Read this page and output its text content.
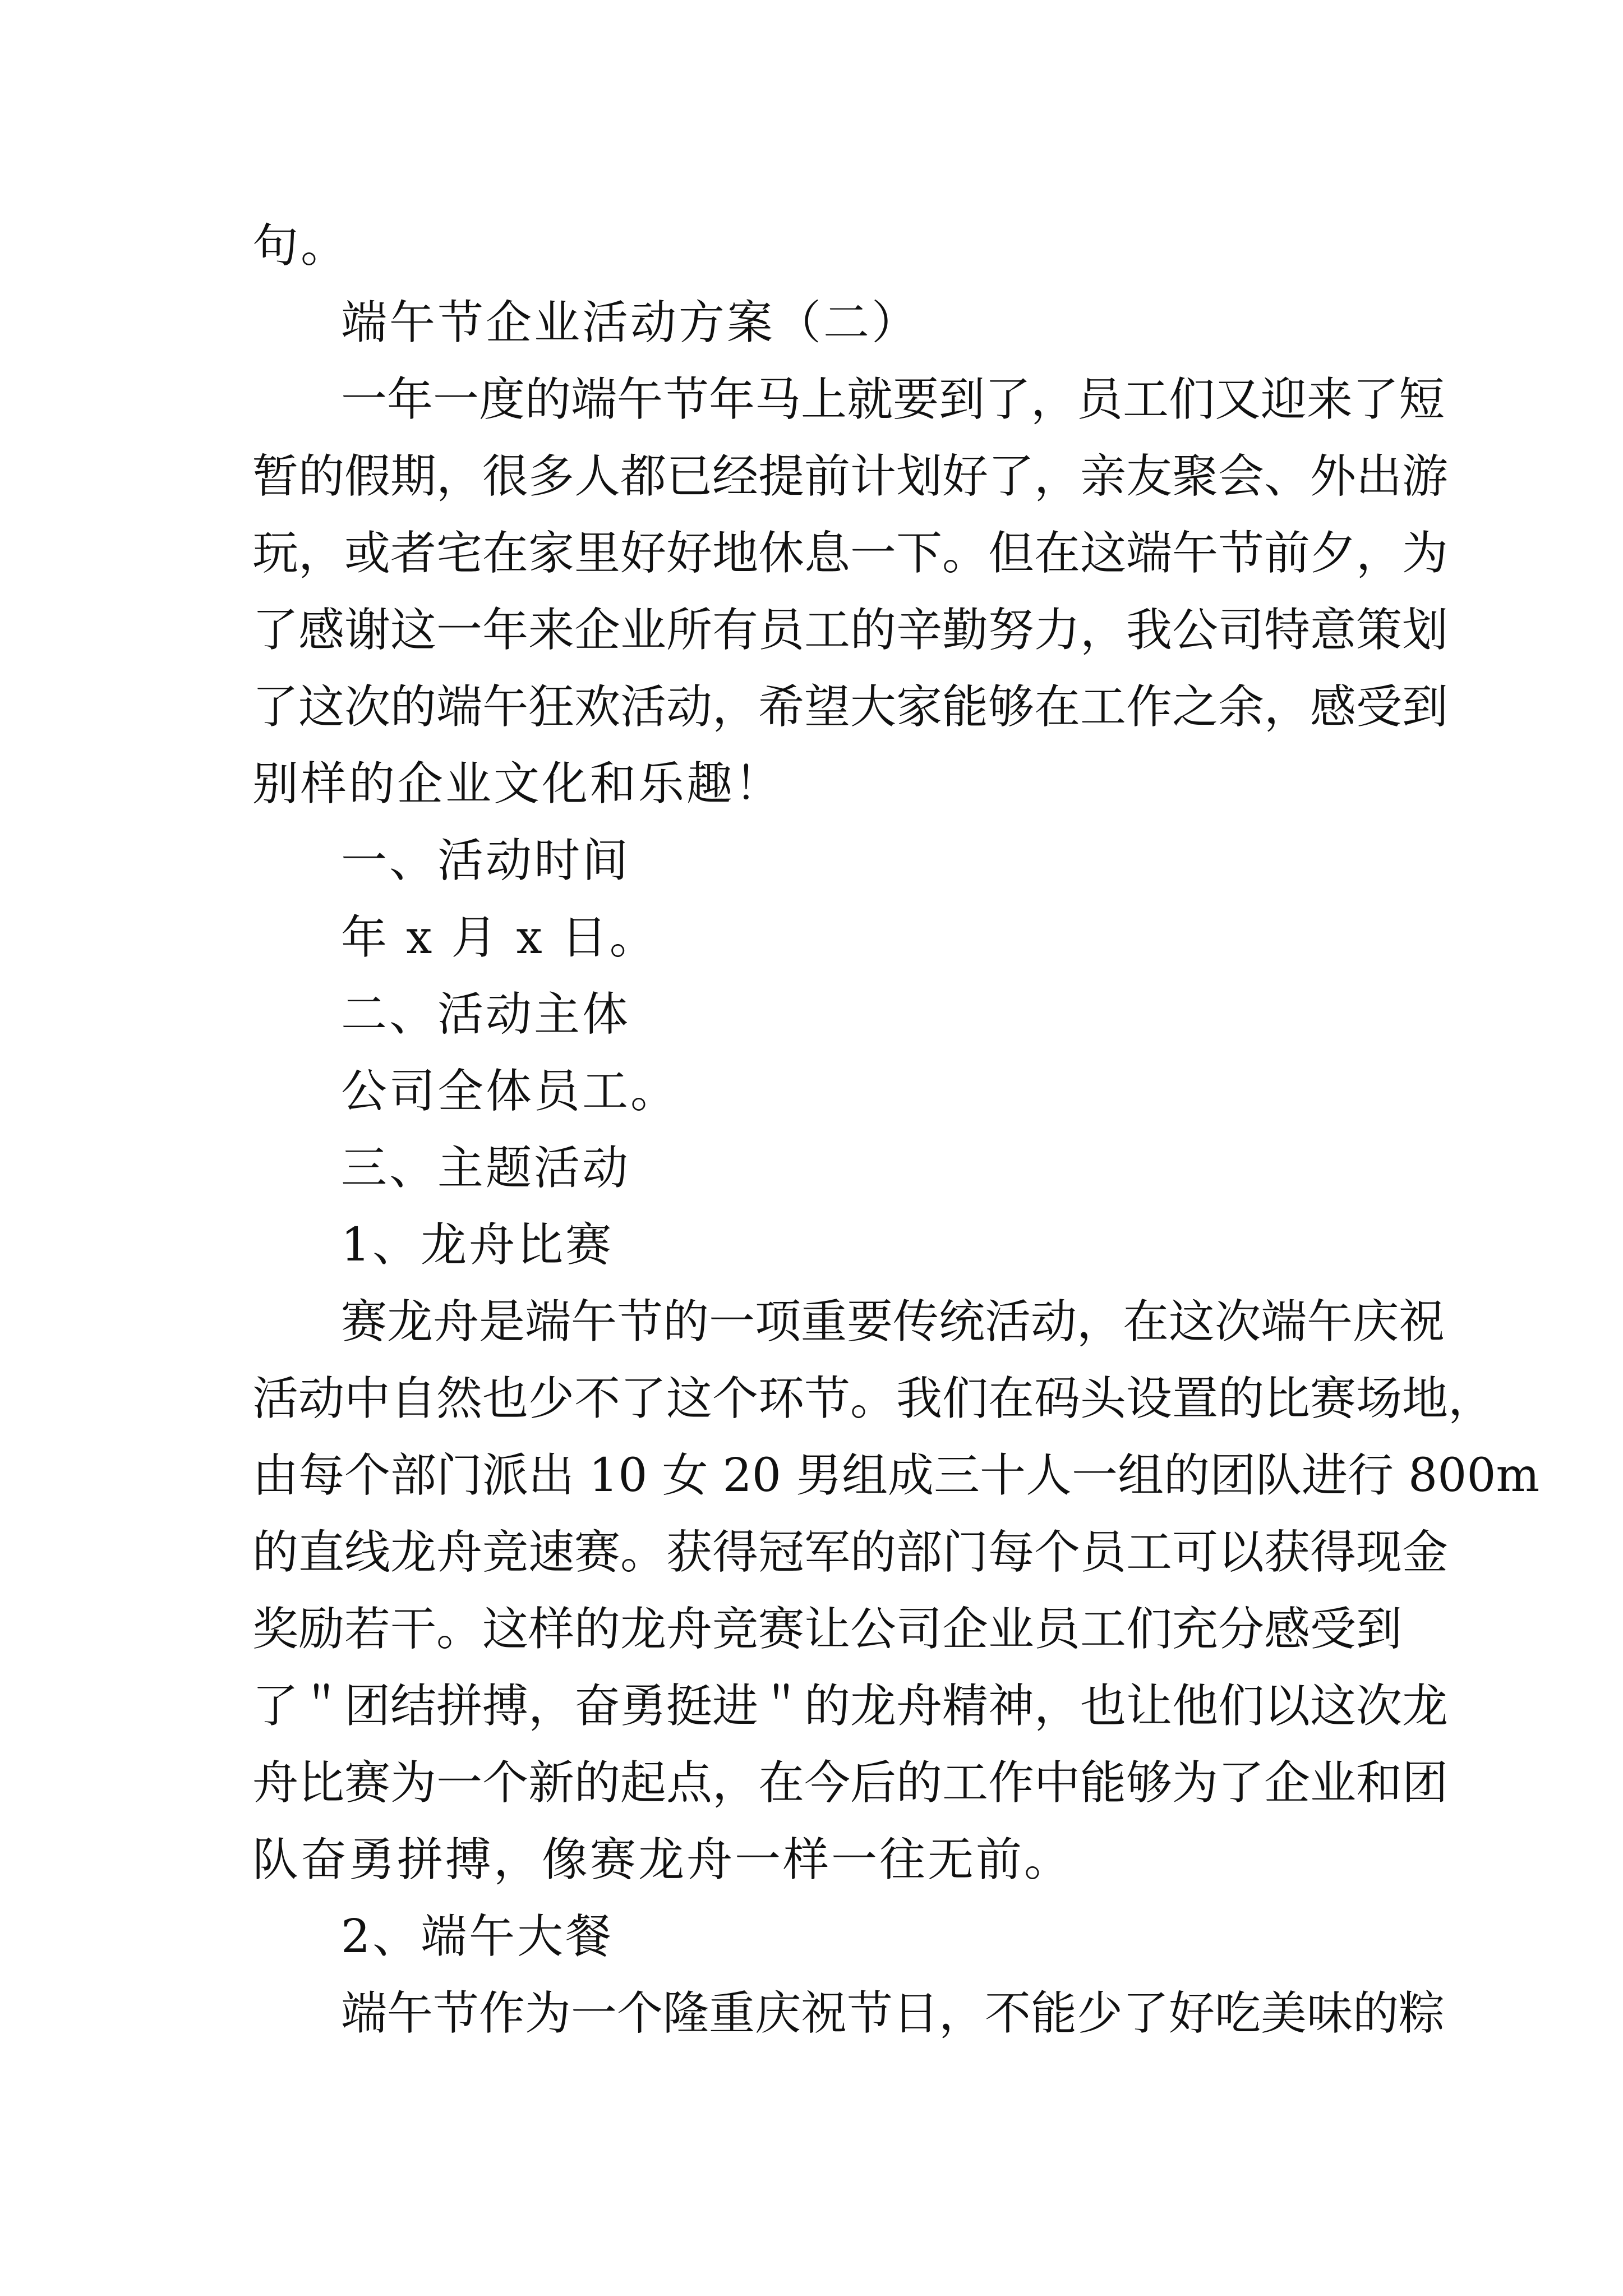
句。
端午节企业活动方案（二）
一年一度的端午节年马上就要到了，员工们又迎来了短
暂的假期，很多人都已经提前计划好了，亲友聚会、外出游
玩，或者宅在家里好好地休息一下。但在这端午节前夕，为
了感谢这一年来企业所有员工的辛勤努力，我公司特意策划
了这次的端午狂欢活动，希望大家能够在工作之余，感受到
别样的企业文化和乐趣！
一、活动时间
年 x 月 x 日。
二、活动主体
公司全体员工。
三、主题活动
1、龙舟比赛
赛龙舟是端午节的一项重要传统活动，在这次端午庆祝
活动中自然也少不了这个环节。我们在码头设置的比赛场地，
由每个部门派出 10 女 20 男组成三十人一组的团队进行 800m
的直线龙舟竞速赛。获得冠军的部门每个员工可以获得现金
奖励若干。这样的龙舟竞赛让公司企业员工们充分感受到
了＂团结拼搏，奋勇挺进＂的龙舟精神，也让他们以这次龙
舟比赛为一个新的起点，在今后的工作中能够为了企业和团
队奋勇拼搏，像赛龙舟一样一往无前。
2、端午大餐
端午节作为一个隆重庆祝节日，不能少了好吃美味的粽
